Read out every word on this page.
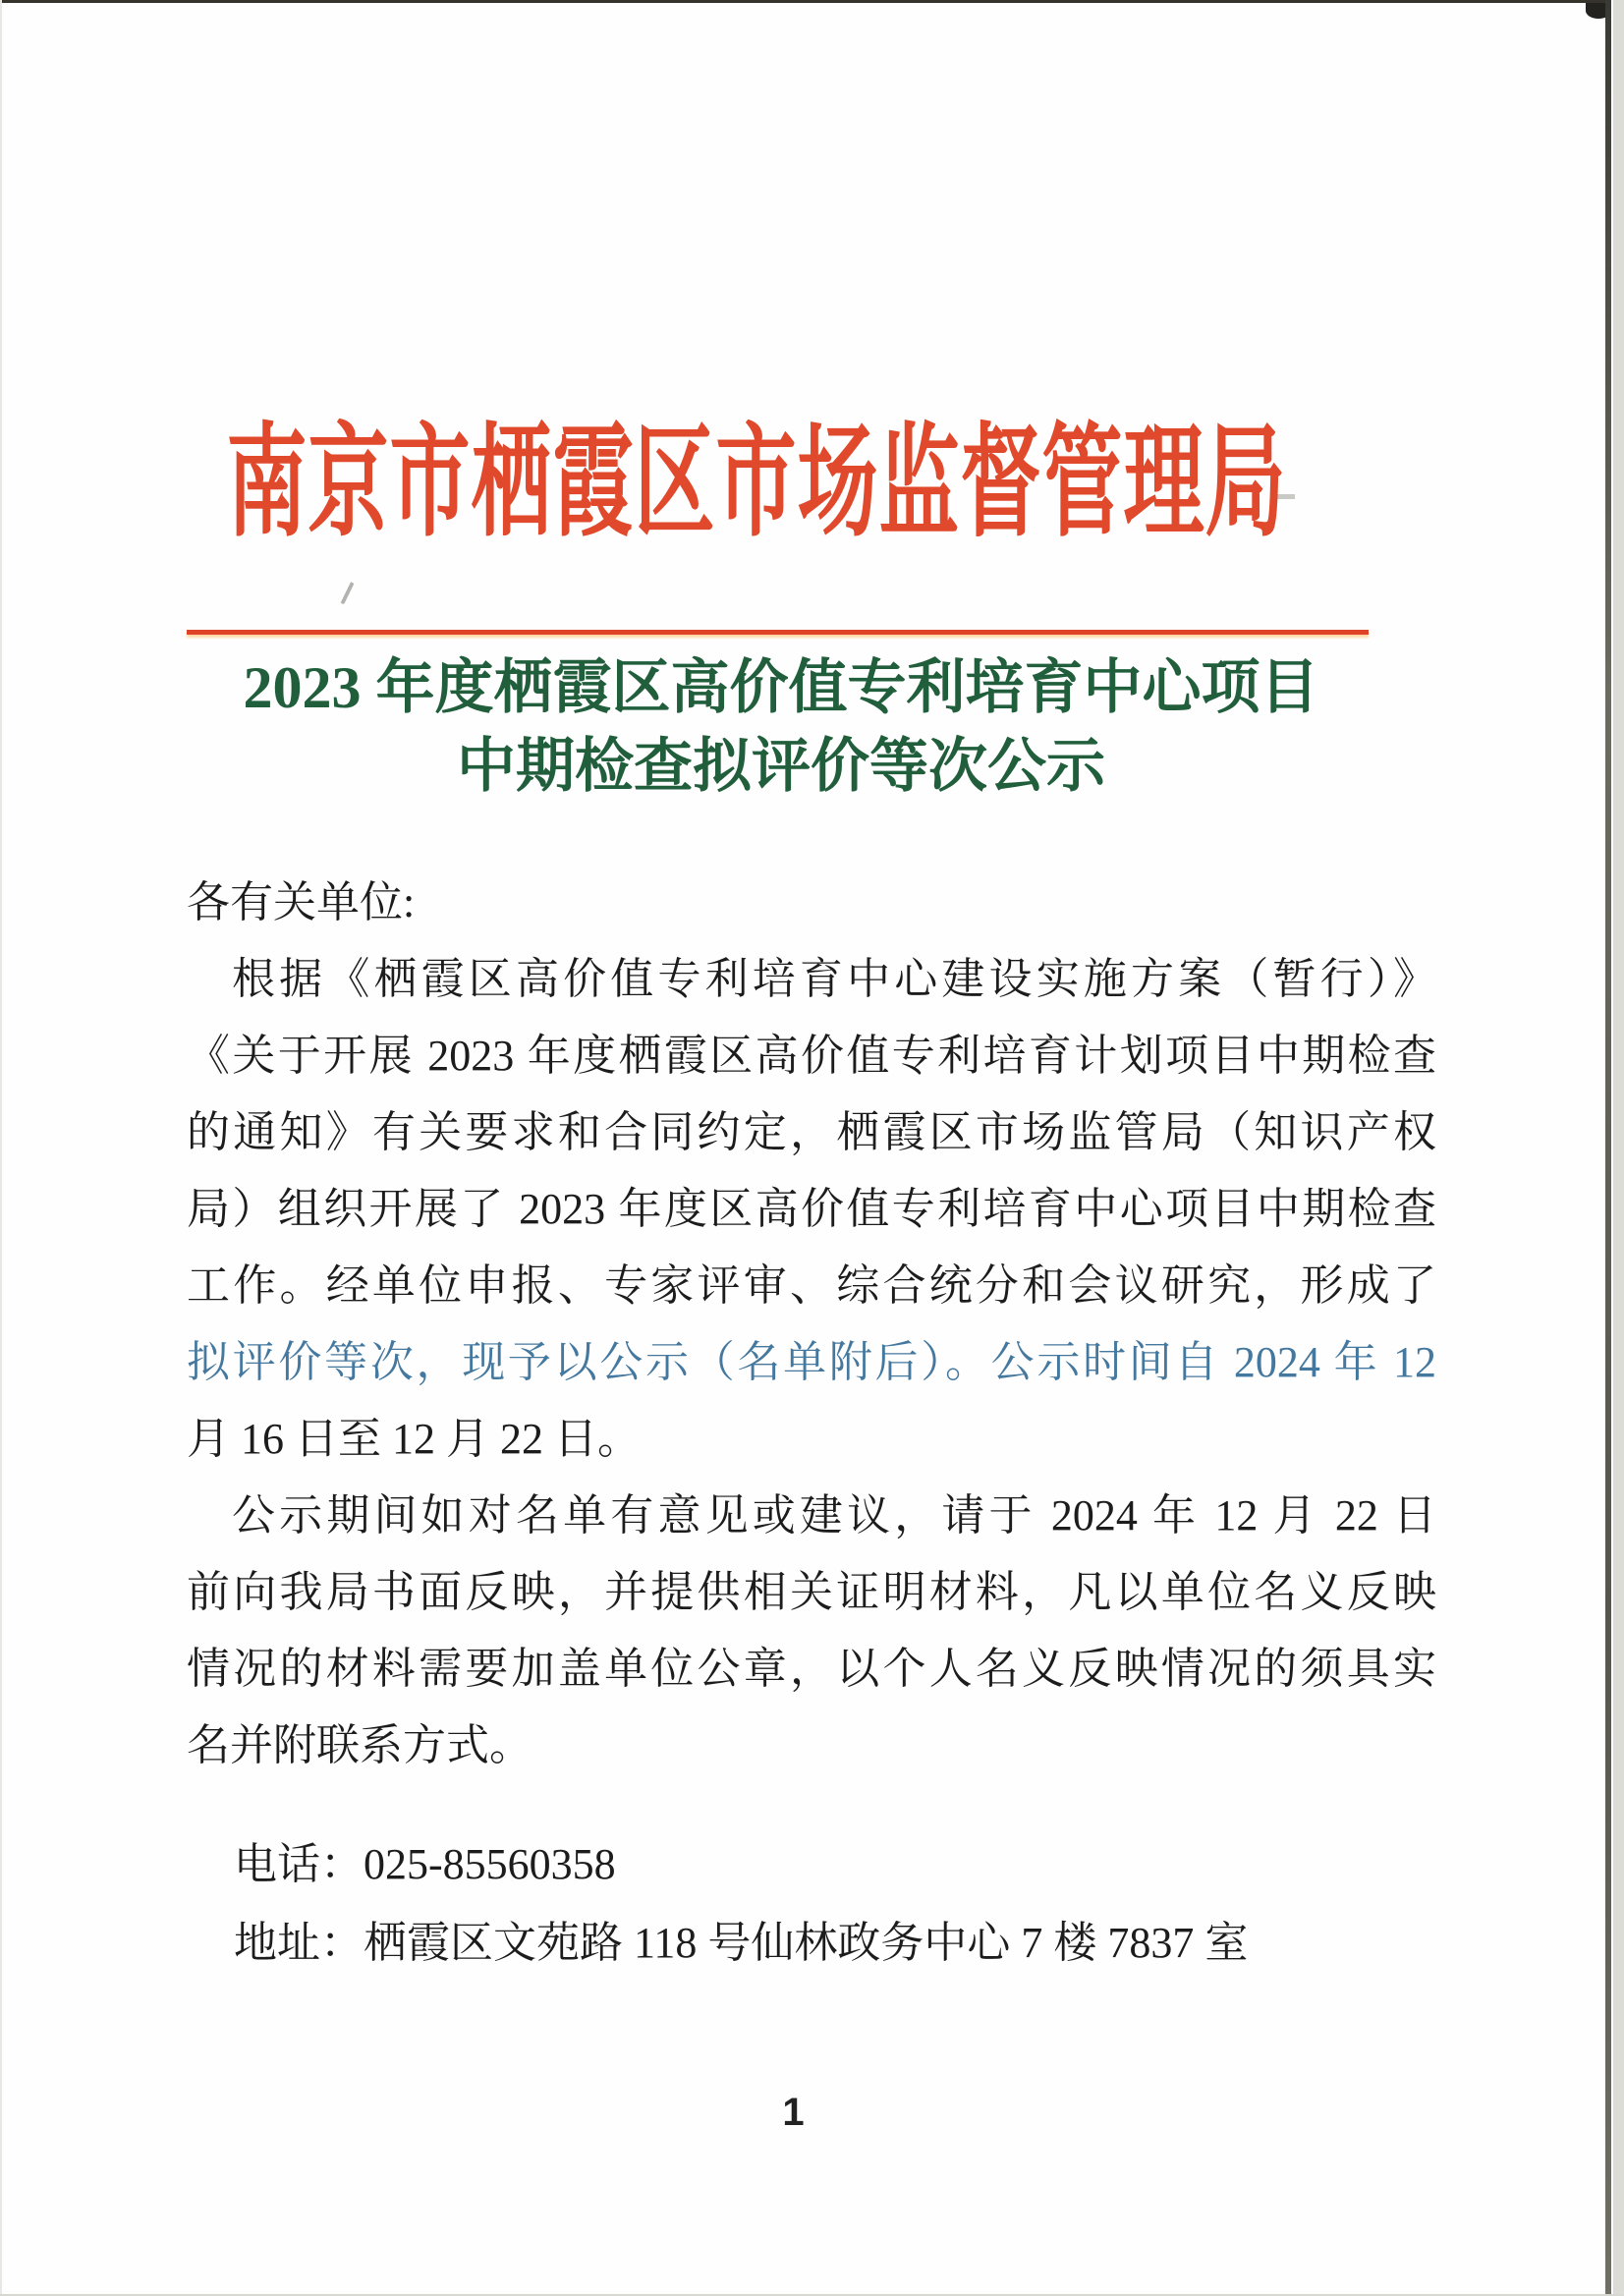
南京市栖霞区市场监督管理局
2023 年度栖霞区高价值专利培育中心项目
中期检查拟评价等次公示
各有关单位:
根据《栖霞区高价值专利培育中心建设实施方案（暂行）》
《关于开展 2023 年度栖霞区高价值专利培育计划项目中期检查
的通知》有关要求和合同约定，栖霞区市场监管局（知识产权
局）组织开展了 2023 年度区高价值专利培育中心项目中期检查
工作。经单位申报、专家评审、综合统分和会议研究，形成了
拟评价等次，现予以公示（名单附后）。公示时间自 2024 年 12
月 16 日至 12 月 22 日。
公示期间如对名单有意见或建议，请于 2024 年 12 月 22 日
前向我局书面反映，并提供相关证明材料，凡以单位名义反映
情况的材料需要加盖单位公章，以个人名义反映情况的须具实
名并附联系方式。
电话：025-85560358
地址：栖霞区文苑路 118 号仙林政务中心 7 楼 7837 室
1
